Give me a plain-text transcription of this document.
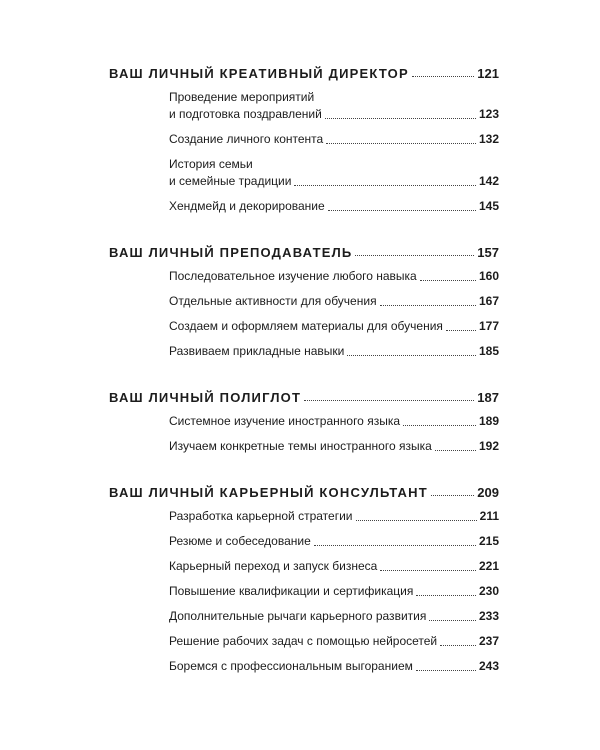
ВАШ ЛИЧНЫЙ КРЕАТИВНЫЙ ДИРЕКТОР	121
Проведение мероприятий
и подготовка поздравлений	123
Создание личного контента	132
История семьи
и семейные традиции	142
Хендмейд и декорирование	145
ВАШ ЛИЧНЫЙ ПРЕПОДАВАТЕЛЬ	157
Последовательное изучение любого навыка	160
Отдельные активности для обучения	167
Создаем и оформляем материалы для обучения	177
Развиваем прикладные навыки	185
ВАШ ЛИЧНЫЙ ПОЛИГЛОТ	187
Системное изучение иностранного языка	189
Изучаем конкретные темы иностранного языка	192
ВАШ ЛИЧНЫЙ КАРЬЕРНЫЙ КОНСУЛЬТАНТ	209
Разработка карьерной стратегии	211
Резюме и собеседование	215
Карьерный переход и запуск бизнеса	221
Повышение квалификации и сертификация	230
Дополнительные рычаги карьерного развития	233
Решение рабочих задач с помощью нейросетей	237
Боремся с профессиональным выгоранием	243
